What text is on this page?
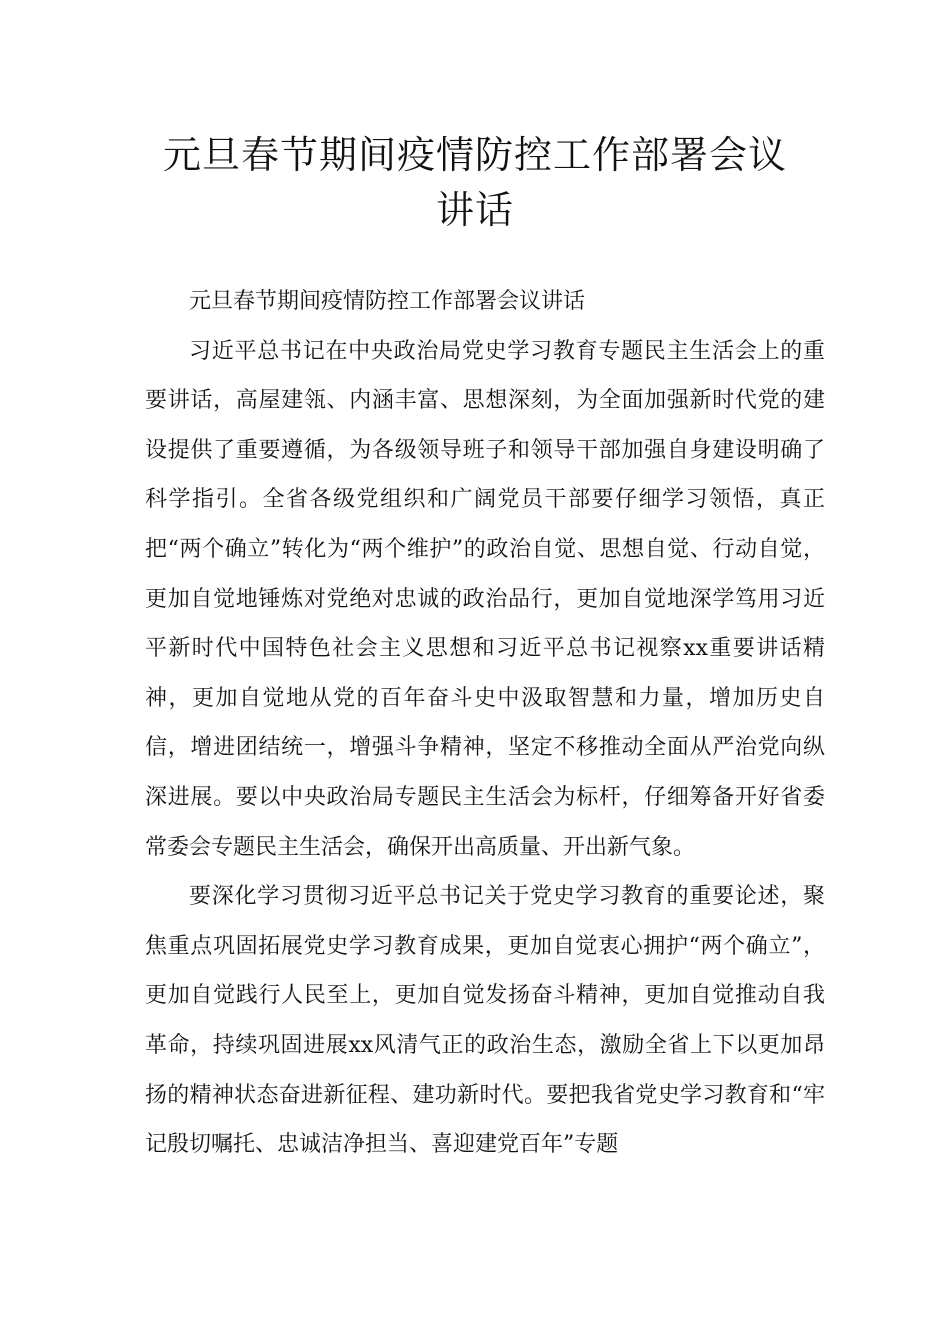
元旦春节期间疫情防控工作部署会议讲话

元旦春节期间疫情防控工作部署会议讲话

习近平总书记在中央政治局党史学习教育专题民主生活会上的重要讲话，高屋建瓴、内涵丰富、思想深刻，为全面加强新时代党的建设提供了重要遵循，为各级领导班子和领导干部加强自身建设明确了科学指引。全省各级党组织和广阔党员干部要仔细学习领悟，真正把“两个确立”转化为“两个维护”的政治自觉、思想自觉、行动自觉，更加自觉地锤炼对党绝对忠诚的政治品行，更加自觉地深学笃用习近平新时代中国特色社会主义思想和习近平总书记视察xx重要讲话精神，更加自觉地从党的百年奋斗史中汲取智慧和力量，增加历史自信，增进团结统一，增强斗争精神，坚定不移推动全面从严治党向纵深进展。要以中央政治局专题民主生活会为标杆，仔细筹备开好省委常委会专题民主生活会，确保开出高质量、开出新气象。

要深化学习贯彻习近平总书记关于党史学习教育的重要论述，聚焦重点巩固拓展党史学习教育成果，更加自觉衷心拥护“两个确立”，更加自觉践行人民至上，更加自觉发扬奋斗精神，更加自觉推动自我革命，持续巩固进展xx风清气正的政治生态，激励全省上下以更加昂扬的精神状态奋进新征程、建功新时代。要把我省党史学习教育和“牢记殷切嘱托、忠诚洁净担当、喜迎建党百年”专题
